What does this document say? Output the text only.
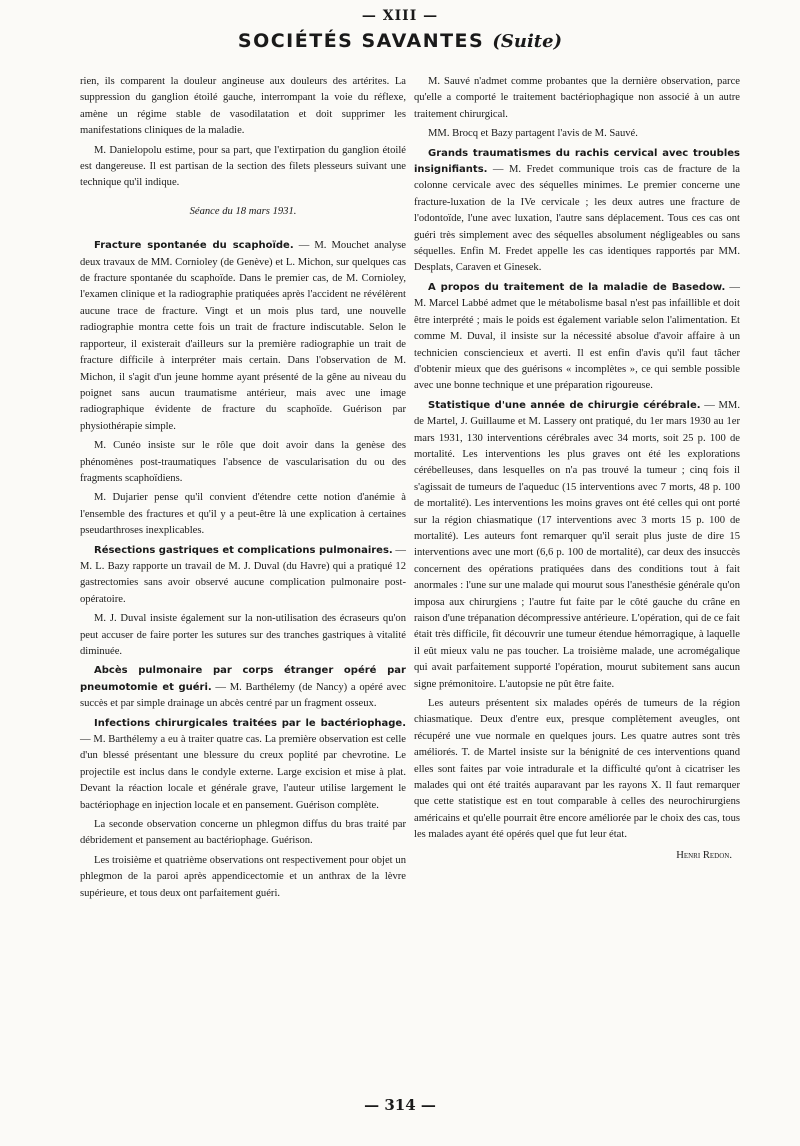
— XIII —
SOCIÉTÉS SAVANTES (Suite)

rien, ils comparent la douleur angineuse aux douleurs des artérites. La suppression du ganglion étoilé gauche, interrompant la voie du réflexe, amène un régime stable de vasodilatation et doit supprimer les manifestations cliniques de la maladie.

M. Danielopolu estime, pour sa part, que l'extirpation du ganglion étoilé est dangereuse. Il est partisan de la section des filets plesseurs suivant une technique qu'il indique.

Séance du 18 mars 1931.

Fracture spontanée du scaphoïde. — M. Mouchet analyse deux travaux de MM. Cornioley (de Genève) et L. Michon, sur quelques cas de fracture spontanée du scaphoïde. Dans le premier cas, de M. Cornioley, l'examen clinique et la radiographie pratiquées après l'accident ne révélèrent aucune trace de fracture. Vingt et un mois plus tard, une nouvelle radiographie montra cette fois un trait de fracture indiscutable. Selon le rapporteur, il existerait d'ailleurs sur la première radiographie un trait de fracture difficile à interpréter mais certain. Dans l'observation de M. Michon, il s'agit d'un jeune homme ayant présenté de la gêne au niveau du poignet sans aucun traumatisme antérieur, mais avec une image radiographique évidente de fracture du scaphoïde. Guérison par physiothérapie simple.

M. Cunéo insiste sur le rôle que doit avoir dans la genèse des phénomènes post-traumatiques l'absence de vascularisation du ou des fragments scaphoïdiens.

M. Dujarier pense qu'il convient d'étendre cette notion d'anémie à l'ensemble des fractures et qu'il y a peut-être là une explication à certaines pseudarthroses inexplicables.

Résections gastriques et complications pulmonaires. — M. L. Bazy rapporte un travail de M. J. Duval (du Havre) qui a pratiqué 12 gastrectomies sans avoir observé aucune complication pulmonaire post-opératoire.

M. J. Duval insiste également sur la non-utilisation des écraseurs qu'on peut accuser de faire porter les sutures sur des tranches gastriques à vitalité diminuée.

Abcès pulmonaire par corps étranger opéré par pneumotomie et guéri. — M. Barthélemy (de Nancy) a opéré avec succès et par simple drainage un abcès centré par un fragment osseux.

Infections chirurgicales traitées par le bactériophage. — M. Barthélemy a eu à traiter quatre cas. La première observation est celle d'un blessé présentant une blessure du creux poplité par chevrotine. Le projectile est inclus dans le condyle externe. Large excision et mise à plat. Devant la réaction locale et générale grave, l'auteur utilise largement le bactériophage en injection locale et en pansement. Guérison complète.

La seconde observation concerne un phlegmon diffus du bras traité par débridement et pansement au bactériophage. Guérison.

Les troisième et quatrième observations ont respectivement pour objet un phlegmon de la paroi après appendicectomie et un anthrax de la lèvre supérieure, et tous deux ont parfaitement guéri.

M. Sauvé n'admet comme probantes que la dernière observation, parce qu'elle a comporté le traitement bactériophagique non associé à un autre traitement chirurgical.

MM. Brocq et Bazy partagent l'avis de M. Sauvé.

Grands traumatismes du rachis cervical avec troubles insignifiants. — M. Fredet communique trois cas de fracture de la colonne cervicale avec des séquelles minimes. Le premier concerne une fracture-luxation de la IVe cervicale ; les deux autres une fracture de l'odontoïde, l'une avec luxation, l'autre sans déplacement. Tous ces cas ont guéri très simplement avec des séquelles absolument négligeables ou sans séquelles. Enfin M. Fredet appelle les cas identiques rapportés par MM. Desplats, Caraven et Ginesek.

A propos du traitement de la maladie de Basedow. — M. Marcel Labbé admet que le métabolisme basal n'est pas infaillible et doit être interprété ; mais le poids est également variable selon l'alimentation. Et comme M. Duval, il insiste sur la nécessité absolue d'avoir affaire à un technicien consciencieux et averti. Il est enfin d'avis qu'il faut tâcher d'obtenir mieux que des guérisons « incomplètes », ce qui semble possible avec une bonne technique et une préparation rigoureuse.

Statistique d'une année de chirurgie cérébrale. — MM. de Martel, J. Guillaume et M. Lassery ont pratiqué, du 1er mars 1930 au 1er mars 1931, 130 interventions cérébrales avec 34 morts, soit 25 p. 100 de mortalité. Les interventions les plus graves ont été les explorations cérébelleuses, dans lesquelles on n'a pas trouvé la tumeur ; cinq fois il s'agissait de tumeurs de l'aqueduc (15 interventions avec 7 morts, 48 p. 100 de mortalité). Les interventions les moins graves ont été celles qui ont porté sur la région chiasmatique (17 interventions avec 3 morts 15 p. 100 de mortalité). Les auteurs font remarquer qu'il serait plus juste de dire 15 interventions avec une mort (6,6 p. 100 de mortalité), car deux des insuccès concernent des opérations pratiquées dans des conditions tout à fait anormales : l'une sur une malade qui mourut sous l'anesthésie générale qu'on imposa aux chirurgiens ; l'autre fut faite par le côté gauche du crâne en raison d'une trépanation décompressive antérieure. L'opération, qui de ce fait était très difficile, fit découvrir une tumeur étendue hémorragique, à laquelle il eût mieux valu ne pas toucher. La troisième malade, une acromégalique qui avait parfaitement supporté l'opération, mourut subitement sans aucun signe prémonitoire. L'autopsie ne pût être faite.

Les auteurs présentent six malades opérés de tumeurs de la région chiasmatique. Deux d'entre eux, presque complètement aveugles, ont récupéré une vue normale en quelques jours. Les quatre autres sont très améliorés. T. de Martel insiste sur la bénignité de ces interventions quand elles sont faites par voie intradurale et la difficulté qu'ont à cicatriser les malades qui ont été traités auparavant par les rayons X. Il faut remarquer que cette statistique est en tout comparable à celles des neurochirurgiens américains et qu'elle pourrait être encore améliorée par le choix des cas, tous les malades ayant été opérés quel que fut leur état.

Henri Redon.

— 314 —
